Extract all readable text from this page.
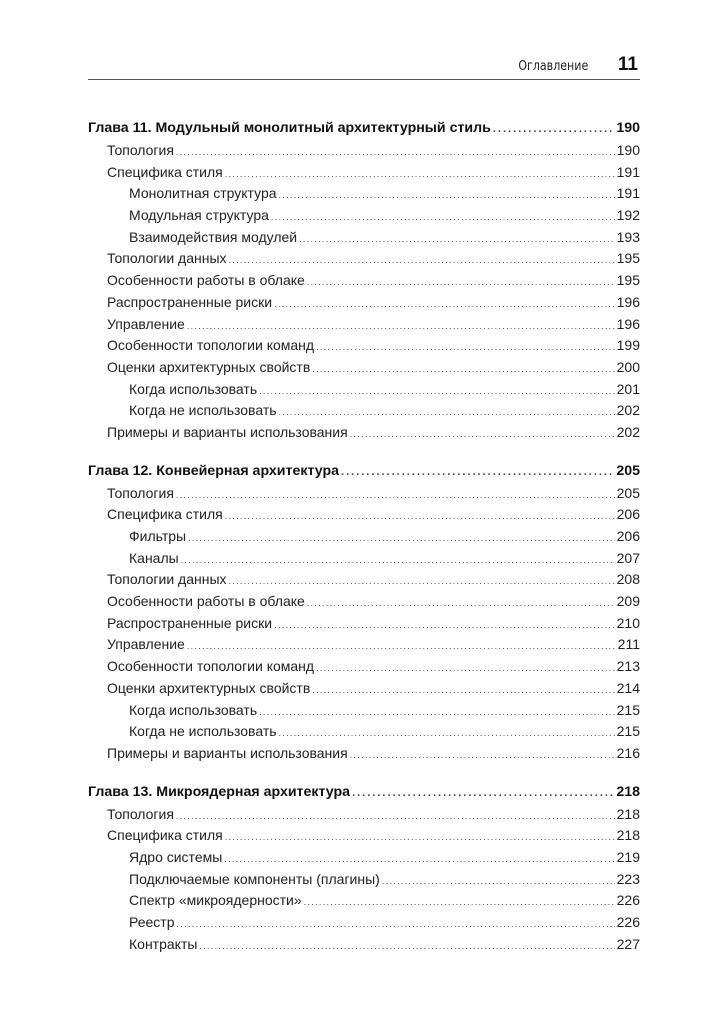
Оглавление 11
Глава 11. Модульный монолитный архитектурный стиль .....	190
Топология .....	190
Специфика стиля .....	191
Монолитная структура .....	191
Модульная структура .....	192
Взаимодействия модулей .....	193
Топологии данных .....	195
Особенности работы в облаке .....	195
Распространенные риски .....	196
Управление .....	196
Особенности топологии команд .....	199
Оценки архитектурных свойств .....	200
Когда использовать .....	201
Когда не использовать .....	202
Примеры и варианты использования .....	202
Глава 12. Конвейерная архитектура .....	205
Топология .....	205
Специфика стиля .....	206
Фильтры .....	206
Каналы .....	207
Топологии данных .....	208
Особенности работы в облаке .....	209
Распространенные риски .....	210
Управление .....	211
Особенности топологии команд .....	213
Оценки архитектурных свойств .....	214
Когда использовать .....	215
Когда не использовать .....	215
Примеры и варианты использования .....	216
Глава 13. Микроядерная архитектура .....	218
Топология .....	218
Специфика стиля .....	218
Ядро системы .....	219
Подключаемые компоненты (плагины) .....	223
Спектр «микроядерности» .....	226
Реестр .....	226
Контракты .....	227
